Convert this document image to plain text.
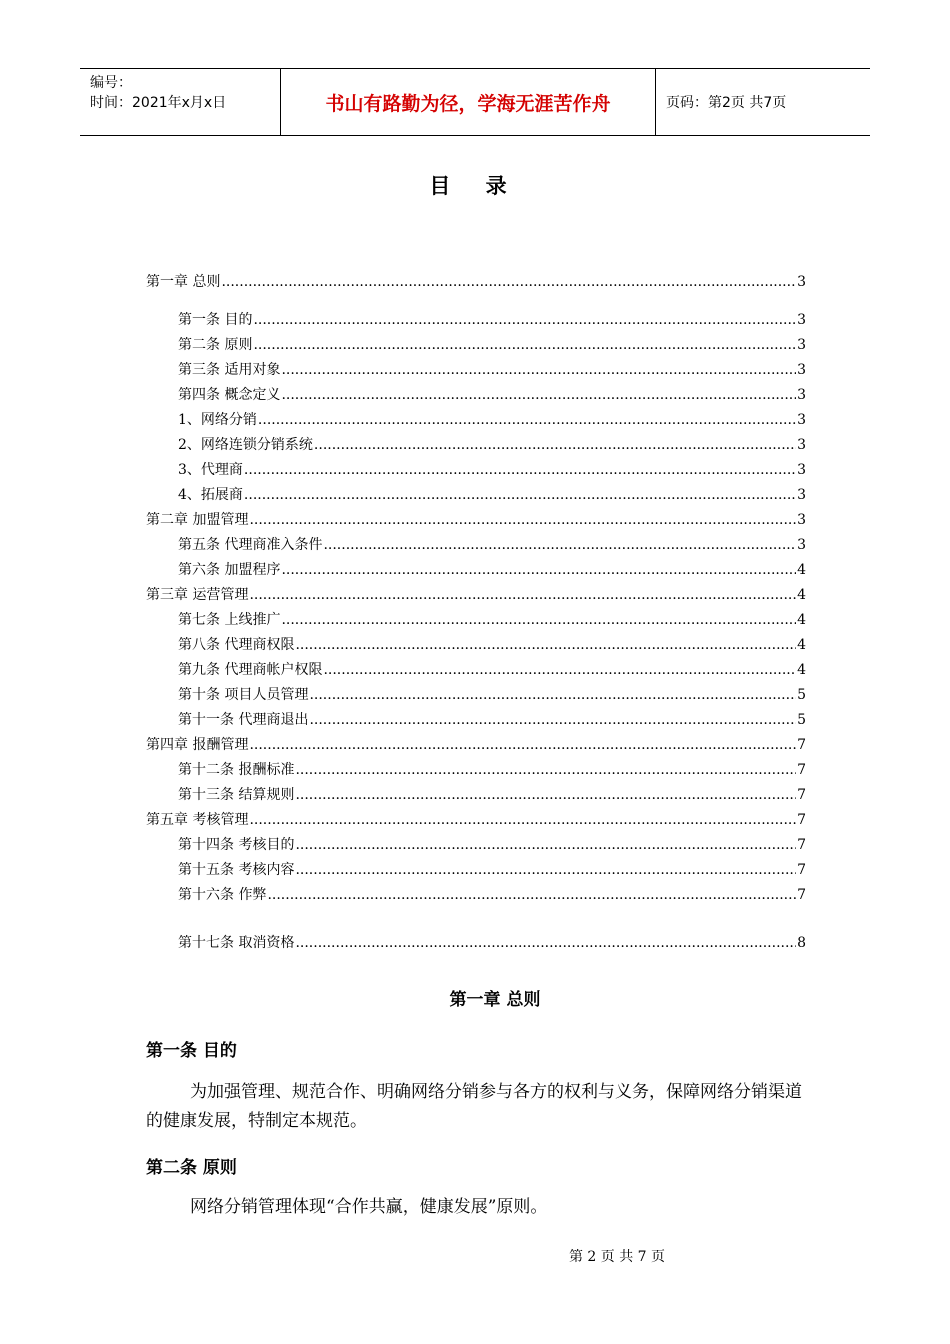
编号：
时间：2021年x月x日	书山有路勤为径，学海无涯苦作舟	页码：第2页 共7页
目 录
第一章 总则 .....	3
第一条 目的 .....	3
第二条 原则 .....	3
第三条 适用对象 .....	3
第四条 概念定义 .....	3
1、网络分销 .....	3
2、网络连锁分销系统 .....	3
3、代理商 .....	3
4、拓展商 .....	3
第二章 加盟管理 .....	3
第五条 代理商准入条件 .....	3
第六条 加盟程序 .....	4
第三章 运营管理 .....	4
第七条 上线推广 .....	4
第八条 代理商权限 .....	4
第九条 代理商帐户权限 .....	4
第十条 项目人员管理 .....	5
第十一条 代理商退出 .....	5
第四章 报酬管理 .....	7
第十二条 报酬标准 .....	7
第十三条 结算规则 .....	7
第五章 考核管理 .....	7
第十四条 考核目的 .....	7
第十五条 考核内容 .....	7
第十六条 作弊 .....	7
第十七条 取消资格 .....	8
第一章 总则
第一条 目的
为加强管理、规范合作、明确网络分销参与各方的权利与义务，保障网络分销渠道的健康发展，特制定本规范。
第二条 原则
网络分销管理体现“合作共赢，健康发展”原则。
第 2 页 共 7 页
